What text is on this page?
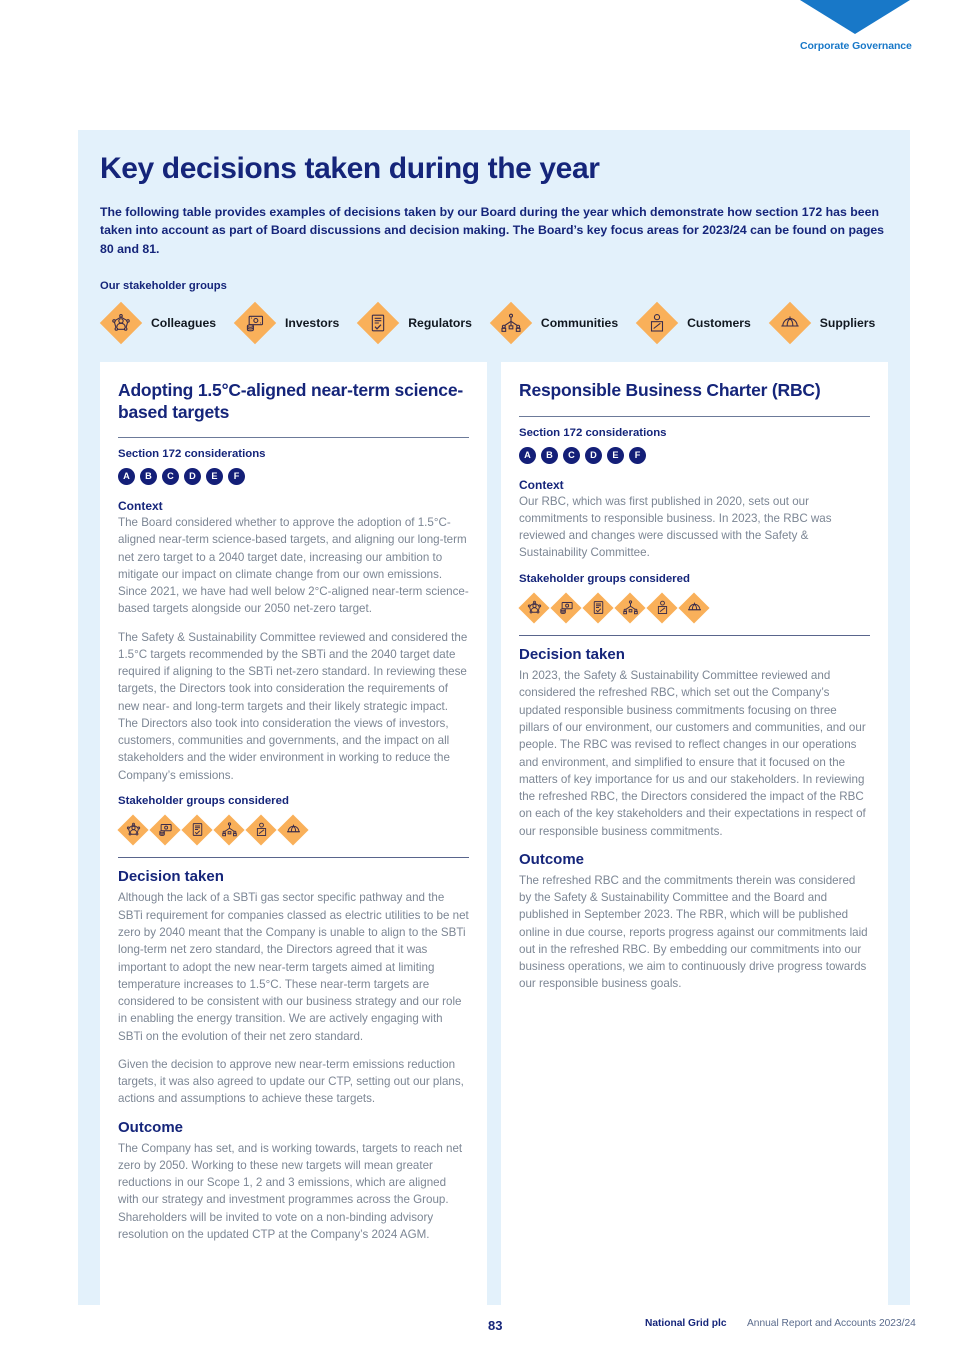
Corporate Governance
Key decisions taken during the year

The following table provides examples of decisions taken by our Board during the year which demonstrate how section 172 has been taken into account as part of Board discussions and decision making. The Board’s key focus areas for 2023/24 can be found on pages 80 and 81.

Our stakeholder groups
Colleagues	Investors	Regulators	Communities	Customers	Suppliers
Adopting 1.5°C-aligned near-term science-based targets
Section 172 considerations
A	B	C	D	E	F
Context

The Board considered whether to approve the adoption of 1.5°C-aligned near-term science-based targets, and aligning our long-term net zero target to a 2040 target date, increasing our ambition to mitigate our impact on climate change from our own emissions. Since 2021, we have had well below 2°C-aligned near-term science-based targets alongside our 2050 net-zero target.

The Safety & Sustainability Committee reviewed and considered the 1.5°C targets recommended by the SBTi and the 2040 target date required if aligning to the SBTi net-zero standard. In reviewing these targets, the Directors took into consideration the requirements of new near- and long-term targets and their likely strategic impact. The Directors also took into consideration the views of investors, customers, communities and governments, and the impact on all stakeholders and the wider environment in working to reduce the Company’s emissions.

Stakeholder groups considered
Decision taken

Although the lack of a SBTi gas sector specific pathway and the SBTi requirement for companies classed as electric utilities to be net zero by 2040 meant that the Company is unable to align to the SBTi long-term net zero standard, the Directors agreed that it was important to adopt the new near-term targets aimed at limiting temperature increases to 1.5°C. These near-term targets are considered to be consistent with our business strategy and our role in enabling the energy transition. We are actively engaging with SBTi on the evolution of their net zero standard.

Given the decision to approve new near-term emissions reduction targets, it was also agreed to update our CTP, setting out our plans, actions and assumptions to achieve these targets.

Outcome

The Company has set, and is working towards, targets to reach net zero by 2050. Working to these new targets will mean greater reductions in our Scope 1, 2 and 3 emissions, which are aligned with our strategy and investment programmes across the Group. Shareholders will be invited to vote on a non-binding advisory resolution on the updated CTP at the Company’s 2024 AGM.

Responsible Business Charter (RBC)
Section 172 considerations
A	B	C	D	E	F
Context

Our RBC, which was first published in 2020, sets out our commitments to responsible business. In 2023, the RBC was reviewed and changes were discussed with the Safety & Sustainability Committee.

Stakeholder groups considered
Decision taken

In 2023, the Safety & Sustainability Committee reviewed and considered the refreshed RBC, which set out the Company’s updated responsible business commitments focusing on three pillars of our environment, our customers and communities, and our people. The RBC was revised to reflect changes in our operations and environment, and simplified to ensure that it focused on the matters of key importance for us and our stakeholders. In reviewing the refreshed RBC, the Directors considered the impact of the RBC on each of the key stakeholders and their expectations in respect of our responsible business commitments.

Outcome

The refreshed RBC and the commitments therein was considered by the Safety & Sustainability Committee and the Board and published in September 2023. The RBR, which will be published online in due course, reports progress against our commitments laid out in the refreshed RBC. By embedding our commitments into our business operations, we aim to continuously drive progress towards our responsible business goals.

83	National Grid plc Annual Report and Accounts 2023/24
